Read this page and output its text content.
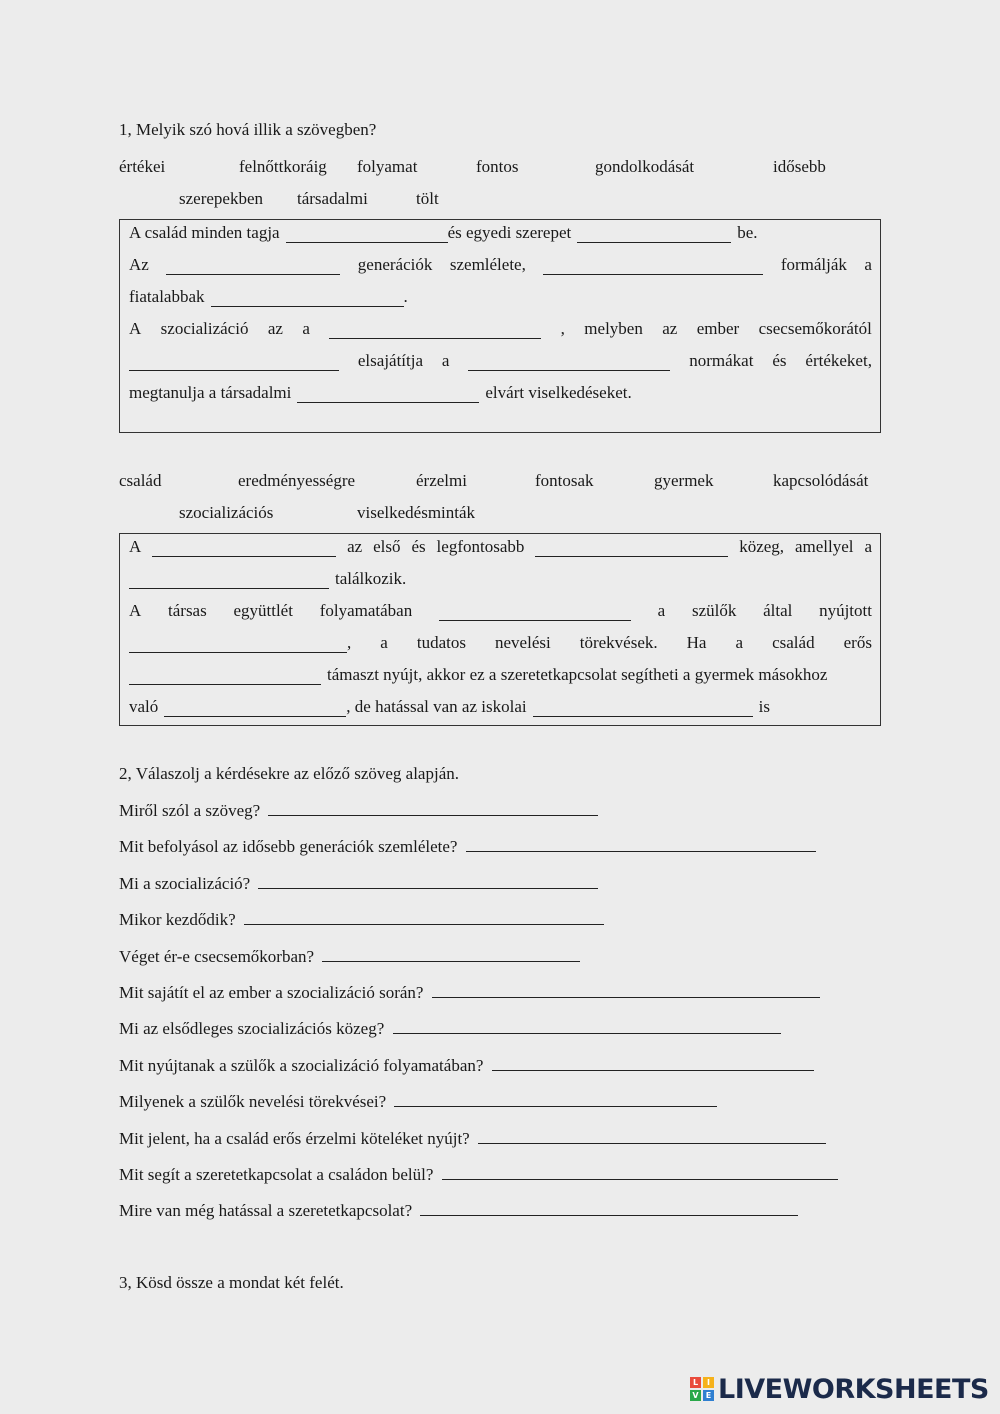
1, Melyik szó hová illik a szövegben?
értékei	felnőttkoráig folyamat	fontos	gondolkodását	idősebb
szerepekben társadalmi	tölt
A család minden tagja	és egyedi szerepet	be.
Az	generációk szemlélete,	formálják a
fiatalabbak	.
A szocializáció az a	, melyben az ember csecsemőkorától
elsajátítja a	normákat és értékeket,
megtanulja a társadalmi	elvárt viselkedéseket.
család	eredményességre	érzelmi	fontosak	gyermek	kapcsolódását
szocializációs	viselkedésminták
A	az első és legfontosabb	közeg, amellyel a
találkozik.
A társas együttlét folyamatában	a szülők által nyújtott
, a tudatos nevelési törekvések. Ha a család erős
támaszt nyújt, akkor ez a szeretetkapcsolat segítheti a gyermek másokhoz
való	, de hatással van az iskolai	is
2, Válaszolj a kérdésekre az előző szöveg alapján.
Miről szól a szöveg?
Mit befolyásol az idősebb generációk szemlélete?
Mi a szocializáció?
Mikor kezdődik?
Véget ér-e csecsemőkorban?
Mit sajátít el az ember a szocializáció során?
Mi az elsődleges szocializációs közeg?
Mit nyújtanak a szülők a szocializáció folyamatában?
Milyenek a szülők nevelési törekvései?
Mit jelent, ha a család erős érzelmi köteléket nyújt?
Mit segít a szeretetkapcsolat a családon belül?
Mire van még hatással a szeretetkapcsolat?
3, Kösd össze a mondat két felét.
L	I
V E LIVEWORKSHEETS
